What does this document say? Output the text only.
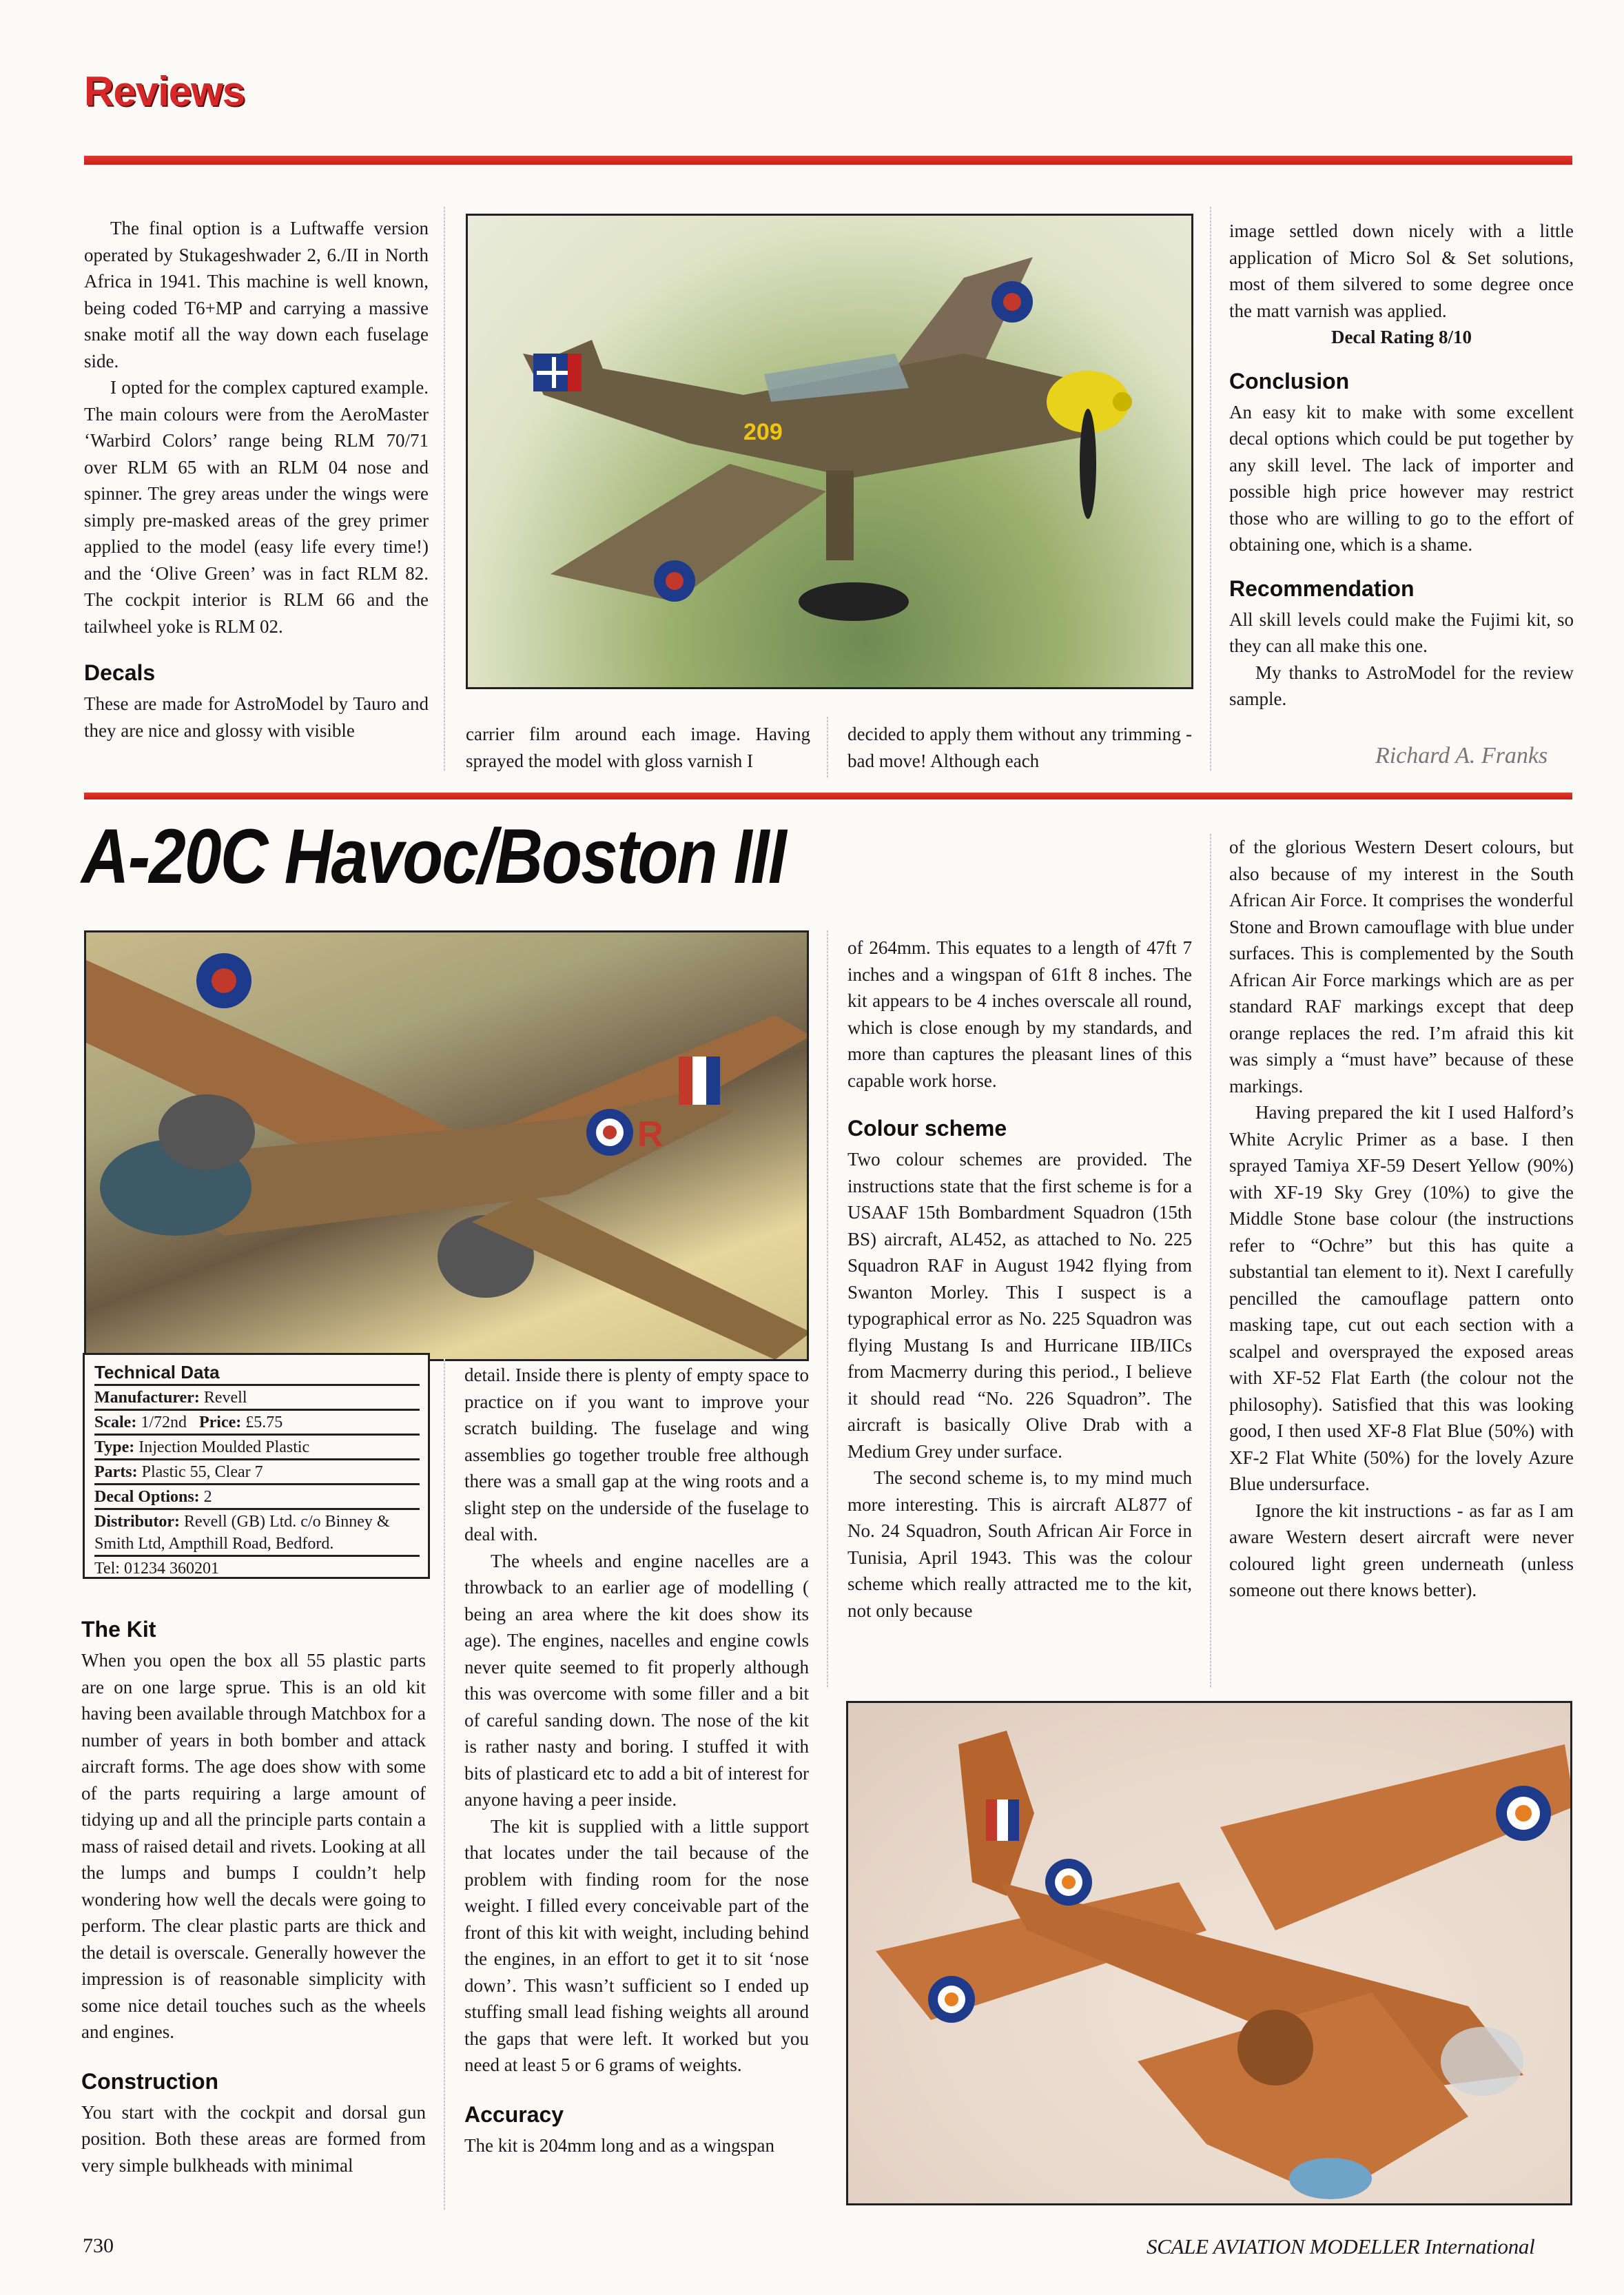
Reviews

The final option is a Luftwaffe version operated by Stukageshwader 2, 6./II in North Africa in 1941. This machine is well known, being coded T6+MP and carrying a massive snake motif all the way down each fuselage side.

I opted for the complex captured example. The main colours were from the AeroMaster ‘Warbird Colors’ range being RLM 70/71 over RLM 65 with an RLM 04 nose and spinner. The grey areas under the wings were simply pre-masked areas of the grey primer applied to the model (easy life every time!) and the ‘Olive Green’ was in fact RLM 82. The cockpit interior is RLM 66 and the tailwheel yoke is RLM 02.

Decals

These are made for AstroModel by Tauro and they are nice and glossy with visible

209

carrier film around each image. Having sprayed the model with gloss varnish I

decided to apply them without any trimming - bad move! Although each

image settled down nicely with a little application of Micro Sol & Set solutions, most of them silvered to some degree once the matt varnish was applied.

Decal Rating 8/10

Conclusion

An easy kit to make with some excellent decal options which could be put together by any skill level. The lack of importer and possible high price however may restrict those who are willing to go to the effort of obtaining one, which is a shame.

Recommendation

All skill levels could make the Fujimi kit, so they can all make this one.

My thanks to AstroModel for the review sample.

Richard A. Franks
A-20C Havoc/Boston III
R
Technical Data
Manufacturer: Revell
Scale: 1/72nd Price: £5.75
Type: Injection Moulded Plastic
Parts: Plastic 55, Clear 7
Decal Options: 2
Distributor: Revell (GB) Ltd. c/o Binney & Smith Ltd, Ampthill Road, Bedford.
Tel: 01234 360201
The Kit

When you open the box all 55 plastic parts are on one large sprue. This is an old kit having been available through Matchbox for a number of years in both bomber and attack aircraft forms. The age does show with some of the parts requiring a large amount of tidying up and all the principle parts contain a mass of raised detail and rivets. Looking at all the lumps and bumps I couldn’t help wondering how well the decals were going to perform. The clear plastic parts are thick and the detail is overscale. Generally however the impression is of reasonable simplicity with some nice detail touches such as the wheels and engines.

Construction

You start with the cockpit and dorsal gun position. Both these areas are formed from very simple bulkheads with minimal

detail. Inside there is plenty of empty space to practice on if you want to improve your scratch building. The fuselage and wing assemblies go together trouble free although there was a small gap at the wing roots and a slight step on the underside of the fuselage to deal with.

The wheels and engine nacelles are a throwback to an earlier age of modelling ( being an area where the kit does show its age). The engines, nacelles and engine cowls never quite seemed to fit properly although this was overcome with some filler and a bit of careful sanding down. The nose of the kit is rather nasty and boring. I stuffed it with bits of plasticard etc to add a bit of interest for anyone having a peer inside.

The kit is supplied with a little support that locates under the tail because of the problem with finding room for the nose weight. I filled every conceivable part of the front of this kit with weight, including behind the engines, in an effort to get it to sit ‘nose down’. This wasn’t sufficient so I ended up stuffing small lead fishing weights all around the gaps that were left. It worked but you need at least 5 or 6 grams of weights.

Accuracy

The kit is 204mm long and as a wingspan

of 264mm. This equates to a length of 47ft 7 inches and a wingspan of 61ft 8 inches. The kit appears to be 4 inches overscale all round, which is close enough by my standards, and more than captures the pleasant lines of this capable work horse.

Colour scheme

Two colour schemes are provided. The instructions state that the first scheme is for a USAAF 15th Bombardment Squadron (15th BS) aircraft, AL452, as attached to No. 225 Squadron RAF in August 1942 flying from Swanton Morley. This I suspect is a typographical error as No. 225 Squadron was flying Mustang Is and Hurricane IIB/IICs from Macmerry during this period., I believe it should read “No. 226 Squadron”. The aircraft is basically Olive Drab with a Medium Grey under surface.

The second scheme is, to my mind much more interesting. This is aircraft AL877 of No. 24 Squadron, South African Air Force in Tunisia, April 1943. This was the colour scheme which really attracted me to the kit, not only because

of the glorious Western Desert colours, but also because of my interest in the South African Air Force. It comprises the wonderful Stone and Brown camouflage with blue under surfaces. This is complemented by the South African Air Force markings which are as per standard RAF markings except that deep orange replaces the red. I’m afraid this kit was simply a “must have” because of these markings.

Having prepared the kit I used Halford’s White Acrylic Primer as a base. I then sprayed Tamiya XF-59 Desert Yellow (90%) with XF-19 Sky Grey (10%) to give the Middle Stone base colour (the instructions refer to “Ochre” but this has quite a substantial tan element to it). Next I carefully pencilled the camouflage pattern onto masking tape, cut out each section with a scalpel and oversprayed the exposed areas with XF-52 Flat Earth (the colour not the philosophy). Satisfied that this was looking good, I then used XF-8 Flat Blue (50%) with XF-2 Flat White (50%) for the lovely Azure Blue undersurface.

Ignore the kit instructions - as far as I am aware Western desert aircraft were never coloured light green underneath (unless someone out there knows better).

730	SCALE AVIATION MODELLER International
